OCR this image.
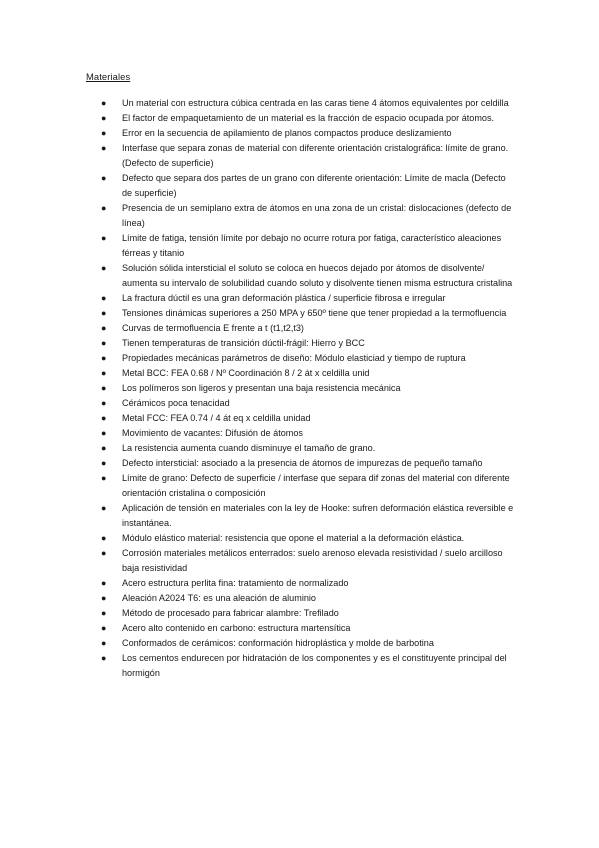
Materiales
● Un material con estructura cúbica centrada en las caras tiene 4 átomos equivalentes por celdilla
● El factor de empaquetamiento de un material es la fracción de espacio ocupada por átomos.
● Error en la secuencia de apilamiento de planos compactos produce deslizamiento
● Interfase que separa zonas de material con diferente orientación cristalográfica: límite de grano. (Defecto de superficie)
● Defecto que separa dos partes de un grano con diferente orientación: Límite de macla (Defecto de superficie)
● Presencia de un semiplano extra de átomos en una zona de un cristal: dislocaciones (defecto de línea)
● Límite de fatiga, tensión límite por debajo no ocurre rotura por fatiga, característico aleaciones férreas y titanio
● Solución sólida intersticial el soluto se coloca en huecos dejado por átomos de disolvente/ aumenta su intervalo de solubilidad cuando soluto y disolvente tienen misma estructura cristalina
● La fractura dúctil es una gran deformación plástica / superficie fibrosa e irregular
● Tensiones dinámicas superiores a 250 MPA y 650º tiene que tener propiedad a la termofluencia
● Curvas de termofluencia E frente a t (t1,t2,t3)
● Tienen temperaturas de transición dúctil-frágil: Hierro y BCC
● Propiedades mecánicas parámetros de diseño: Módulo elasticiad y tiempo de ruptura
● Metal BCC: FEA 0.68 / Nº Coordinación 8 / 2 át x celdilla unid
● Los polímeros son ligeros y presentan una baja resistencia mecánica
● Cérámicos poca tenacidad
● Metal FCC: FEA 0.74 / 4 át eq x celdilla unidad
● Movimiento de vacantes: Difusión de átomos
● La resistencia aumenta cuando disminuye el tamaño de grano.
● Defecto intersticial: asociado a la presencia de átomos de impurezas de pequeño tamaño
● Límite de grano: Defecto de superficie / interfase que separa dif zonas del material con diferente orientación cristalina o composición
● Aplicación de tensión en materiales con la ley de Hooke: sufren deformación elástica reversible e instantánea.
● Módulo elástico material: resistencia que opone el material a la deformación elástica.
● Corrosión materiales metálicos enterrados: suelo arenoso elevada resistividad / suelo arcilloso baja resistividad
● Acero estructura perlita fina: tratamiento de normalizado
● Aleación A2024 T6: es una aleación de aluminio
● Método de procesado para fabricar alambre: Trefilado
● Acero alto contenido en carbono: estructura martensítica
● Conformados de cerámicos: conformación hidroplástica y molde de barbotina
● Los cementos endurecen por hidratación de los componentes y es el constituyente principal del hormigón
